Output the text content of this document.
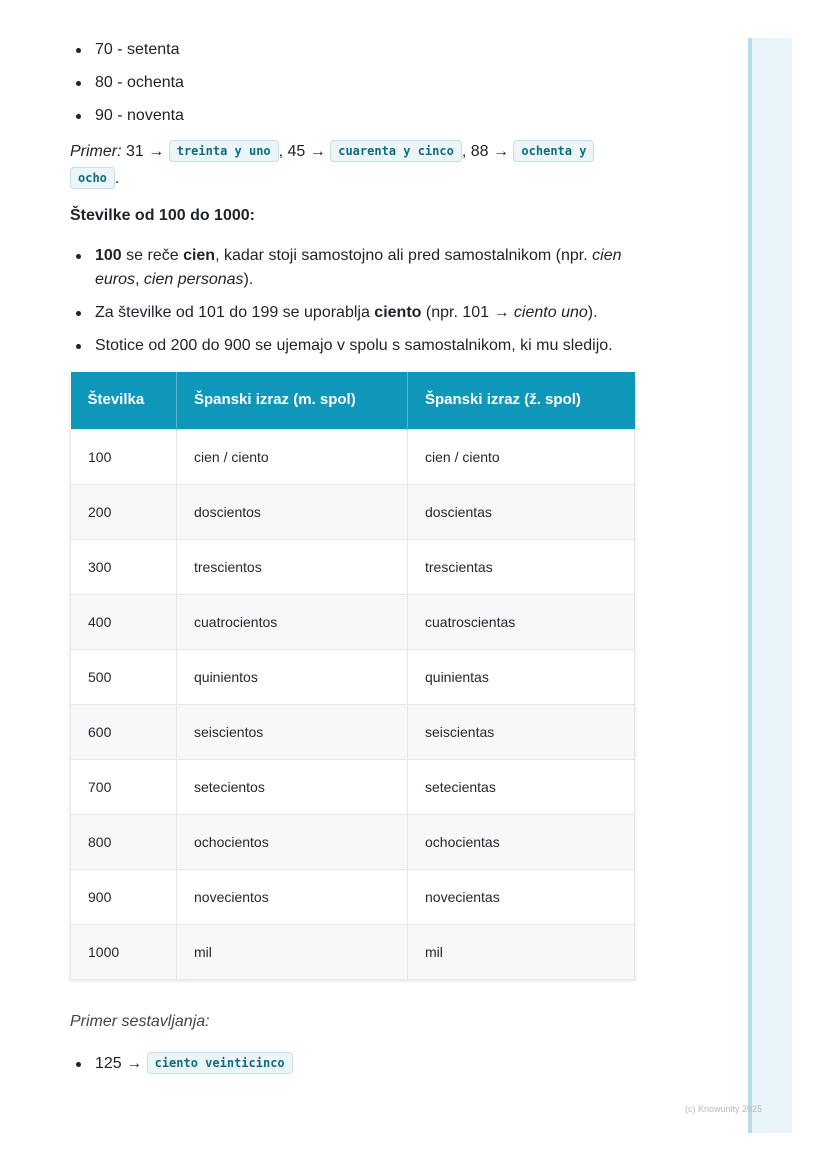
70 - setenta
80 - ochenta
90 - noventa

Primer: 31 → treinta y uno , 45 → cuarenta y cinco , 88 → ochenta y
ocho .

Številke od 100 do 1000:

100 se reče cien, kadar stoji samostojno ali pred samostalnikom (npr. cien euros, cien personas).
Za številke od 101 do 199 se uporablja ciento (npr. 101 → ciento uno).
Stotice od 200 do 900 se ujemajo v spolu s samostalnikom, ki mu sledijo.
Številka	Španski izraz (m. spol)	Španski izraz (ž. spol)
100	cien / ciento	cien / ciento
200	doscientos	doscientas
300	trescientos	trescientas
400	cuatrocientos	cuatroscientas
500	quinientos	quinientas
600	seiscientos	seiscientas
700	setecientos	setecientas
800	ochocientos	ochocientas
900	novecientos	novecientas
1000	mil	mil

Primer sestavljanja:

125 → ciento veinticinco
(c) Knowunity 2025
